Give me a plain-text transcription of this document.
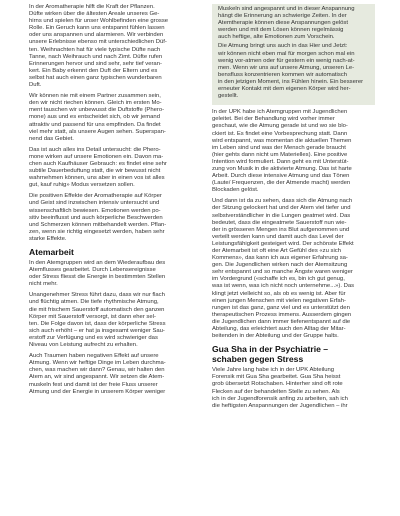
In der Aromatherapie hilft die Kraft der Pflanzen.
Düfte wirken über die ältesten Areale unseres Ge-
hirns und spielen für unser Wohlbefinden eine grosse
Rolle. Ein Geruch kann uns entspannt fühlen lassen
oder uns anspannen und alarmieren. Wir verbinden
unsere Erlebnisse ebenso mit unterschiedlichen Düf-
ten. Weihnachten hat für viele typische Düfte nach
Tanne, nach Weihrauch und nach Zimt. Düfte rufen
Erinnerungen hervor und sind sehr, sehr tief veran-
kert. Ein Baby erkennt den Duft der Eltern und es
selbst hat auch einen ganz typischen wunderbaren
Duft.

Wir können nie mit einem Partner zusammen sein,
den wir nicht riechen können. Gleich im ersten Mo-
ment tauschen wir unbewusst die Duftstoffe (Phero-
mone) aus und es entscheidet sich, ob wir jemand
attraktiv und passend für uns empfinden. Da findet
viel mehr statt, als unsere Augen sehen. Superspan-
nend das Gebiet.

Das ist auch alles ins Detail untersucht: die Phero-
mone wirken auf unsere Emotionen ein. Davon ma-
chen auch Kaufhäuser Gebrauch: es findet eine sehr
subtile Dauerbeduftung statt, die wir bewusst nicht
wahrnehmen können, uns aber in einen vos ist alles
gut, kauf ruhig» Modus versetzen sollen.

Die positiven Effekte der Aromatherapie auf Körper
und Geist sind inzwischen intensiv untersucht und
wissenschaftlich bewiesen. Emotionen werden po-
sitiv beeinflusst und auch körperliche Beschwerden
und Schmerzen können mitbehandelt werden. Pflan-
zen, wenn sie richtig eingesetzt werden, haben sehr
starke Effekte.

Atemarbeit

In den Atemgruppen wird an dem Wiederaufbau des
Atemflusses gearbeitet. Durch Lebensereignisse
oder Stress fliesst die Energie in bestimmten Stellen
nicht mehr.

Unangenehmer Stress führt dazu, dass wir nur flach
und flüchtig atmen. Die tiefe rhythmische Atmung,
die mit frischem Sauerstoff automatisch den ganzen
Körper mit Sauerstoff versorgt, ist dann eher sel-
ten. Die Folge davon ist, dass der körperliche Stress
sich auch erhöht – er hat ja insgesamt weniger Sau-
erstoff zur Verfügung und es wird schwieriger das
Niveau von Leistung aufrecht zu erhalten.

Auch Traumen haben negativen Effekt auf unsere
Atmung. Wenn wir heftige Dinge im Leben durchma-
chen, was machen wir dann? Genau, wir halten den
Atem an, wir sind angespannt. Wir setzen die Atem-
muskeln fest und damit ist der freie Fluss unserer
Atmung und der Energie in unserem Körper weniger

Muskeln sind angespannt und in dieser Anspannung
hängt die Erinnerung an schwierige Zeiten. In der
Atemtherapie können diese Anspannungen gelöst
werden und mit dem Lösen können regelmässig
auch heftige, alte Emotionen zum Vorschein.

Die Atmung bringt uns auch in das Hier und Jetzt:
wir können nicht eben mal für morgen schon mal ein
wenig vor-atmen oder für gestern ein wenig nach-at-
men. Wenn wir uns auf unsere Atmung, unseren Le-
bensfluss konzentrieren kommen wir automatisch
in den jetzigen Moment, ins Fühlen hinein. Ein besserer
erneuter Kontakt mit dem eigenen Körper wird her-
gestellt.

In der UPK habe ich Atemgruppen mit Jugendlichen
geleitet. Bei der Behandlung wird vorher immer
geschaut, wie die Atmung gerade ist und wo sie blo-
ckiert ist. Es findet eine Vorbesprechung statt. Dann
wird entspannt, was momentan die aktuellen Themen
im Leben sind und was der Mensch gerade braucht
(hier gehts dann nicht um Materielles). Eine positive
Intention wird formuliert. Dann geht es mit Unterstüt-
zung von Musik in die aktivierte Atmung. Das ist harte
Arbeit. Durch diese intensive Atmung und das Tönen
(Laute/ Frequenzen, die der Atmende macht) werden
Blockaden gelöst.

Und dann ist da zu sehen, dass sich die Atmung nach
der Sitzung gelockert hat und der Atem viel tiefer und
selbstverständlicher in die Lungen geatmet wird. Das
bedeutet, dass die eingeatmete Sauerstoff nun wie-
der in grösseren Mengen ins Blut aufgenommen und
verteilt werden kann und damit auch das Level der
Leistungsfähigkeit gesteigert wird. Der schönste Effekt
der Atemarbeit ist oft eine Art Gefühl des «zu sich
Kommens», das kann ich aus eigener Erfahrung sa-
gen. Die Jugendlichen wirken nach der Atemsitzung
sehr entspannt und so manche Ängste waren weniger
im Vordergrund («schaffe ich es, bin ich gut genug,
was ist wenn, was ich nicht noch unternehme...»). Das
klingt jetzt vielleicht so, als ob es wenig ist. Aber für
einen jungen Menschen mit vielen negativen Erfah-
rungen ist das ganz, ganz viel und es unterstützt den
therapeutischen Prozess immens. Ausserdem gingen
die Jugendlichen dann immer tiefenentspannt auf die
Abteilung, das erleichtert auch den Alltag der Mitar-
beitenden in der Abteilung und der Gruppe halts.

Gua Sha in der Psychiatrie –
schaben gegen Stress

Viele Jahre lang habe ich in der UPK Abteilung
Forensik mit Gua Sha gearbeitet. Gua Sha heisst
grob übersetzt Rotschaben. Hinterher sind oft rote
Flecken auf der behandelten Stelle zu sehen. Als
ich in der Jugendforensik anfing zu arbeiten, sah ich
die heftigsten Anspannungen der Jugendlichen – ihr
